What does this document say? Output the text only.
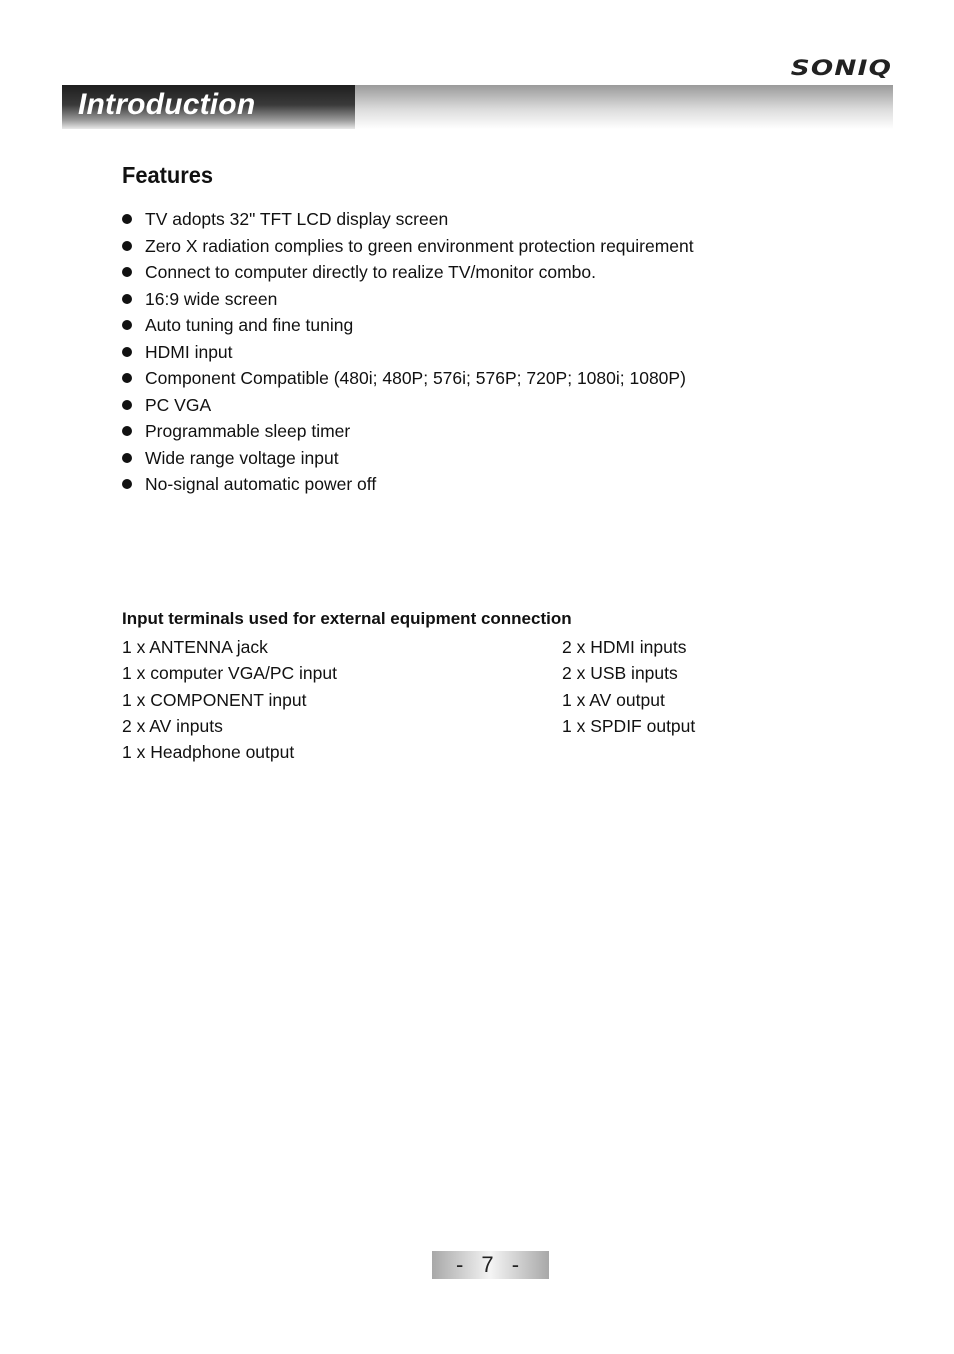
SONIQ
Introduction
Features
TV adopts 32" TFT LCD display screen
Zero X radiation complies to green environment protection requirement
Connect to computer directly to realize TV/monitor combo.
16:9 wide screen
Auto tuning and fine tuning
HDMI input
Component Compatible (480i; 480P; 576i; 576P; 720P; 1080i; 1080P)
PC VGA
Programmable sleep timer
Wide range voltage input
No-signal automatic power off
Input terminals used for external equipment connection
1 x ANTENNA jack
1 x computer VGA/PC input
1 x COMPONENT input
2 x AV inputs
1 x Headphone output
2 x HDMI inputs
2 x USB inputs
1 x AV output
1 x SPDIF output
- 7 -
